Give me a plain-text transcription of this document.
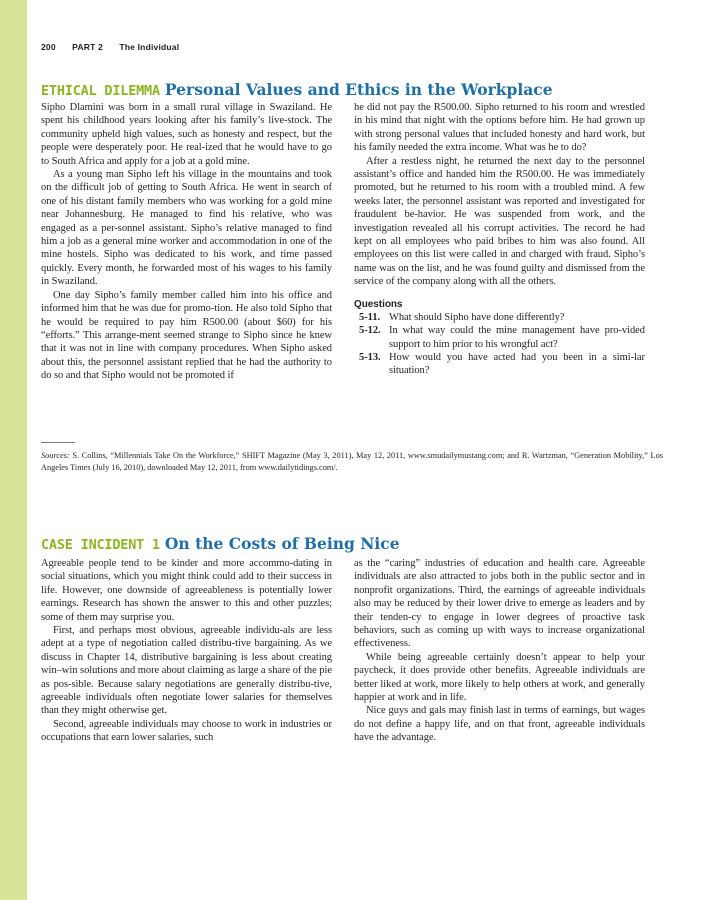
200 PART 2 The Individual
ETHICAL DILEMMA Personal Values and Ethics in the Workplace

Sipho Dlamini was born in a small rural village in Swaziland. He spent his childhood years looking after his family’s live-stock. The community upheld high values, such as honesty and respect, but the people were desperately poor. He real-ized that he would have to go to South Africa and apply for a job at a gold mine.

As a young man Sipho left his village in the mountains and took on the difficult job of getting to South Africa. He went in search of one of his distant family members who was working for a gold mine near Johannesburg. He managed to find his relative, who was engaged as a per-sonnel assistant. Sipho’s relative managed to find him a job as a general mine worker and accommodation in one of the mine hostels. Sipho was dedicated to his work, and time passed quickly. Every month, he forwarded most of his wages to his family in Swaziland.

One day Sipho’s family member called him into his office and informed him that he was due for promo-tion. He also told Sipho that he would be required to pay him R500.00 (about $60) for his “efforts.” This arrange-ment seemed strange to Sipho since he knew that it was not in line with company procedures. When Sipho asked about this, the personnel assistant replied that he had the authority to do so and that Sipho would not be promoted if

he did not pay the R500.00. Sipho returned to his room and wrestled in his mind that night with the options before him. He had grown up with strong personal values that included honesty and hard work, but his family needed the extra income. What was he to do?

After a restless night, he returned the next day to the personnel assistant’s office and handed him the R500.00. He was immediately promoted, but he returned to his room with a troubled mind. A few weeks later, the personnel assistant was reported and investigated for fraudulent be-havior. He was suspended from work, and the investigation revealed all his corrupt activities. The record he had kept on all employees who paid bribes to him was also found. All employees on this list were called in and charged with fraud. Sipho’s name was on the list, and he was found guilty and dismissed from the service of the company along with all the others.

Questions

5-11. What should Sipho have done differently?

5-12. In what way could the mine management have pro-vided support to him prior to his wrongful act?

5-13. How would you have acted had you been in a simi-lar situation?

Sources: S. Collins, “Millennials Take On the Workforce,” SHIFT Magazine (May 3, 2011), May 12, 2011, www.smudailymustang.com; and R. Wartzman, “Generation Mobility,” Los Angeles Times (July 16, 2010), downloaded May 12, 2011, from www.dailytidings.com/.

CASE INCIDENT 1 On the Costs of Being Nice

Agreeable people tend to be kinder and more accommo-dating in social situations, which you might think could add to their success in life. However, one downside of agreeableness is potentially lower earnings. Research has shown the answer to this and other puzzles; some of them may surprise you.

First, and perhaps most obvious, agreeable individu-als are less adept at a type of negotiation called distribu-tive bargaining. As we discuss in Chapter 14, distributive bargaining is less about creating win–win solutions and more about claiming as large a share of the pie as pos-sible. Because salary negotiations are generally distribu-tive, agreeable individuals often negotiate lower salaries for themselves than they might otherwise get.

Second, agreeable individuals may choose to work in industries or occupations that earn lower salaries, such

as the “caring” industries of education and health care. Agreeable individuals are also attracted to jobs both in the public sector and in nonprofit organizations. Third, the earnings of agreeable individuals also may be reduced by their lower drive to emerge as leaders and by their tenden-cy to engage in lower degrees of proactive task behaviors, such as coming up with ways to increase organizational effectiveness.

While being agreeable certainly doesn’t appear to help your paycheck, it does provide other benefits. Agreeable individuals are better liked at work, more likely to help others at work, and generally happier at work and in life.

Nice guys and gals may finish last in terms of earnings, but wages do not define a happy life, and on that front, agreeable individuals have the advantage.
